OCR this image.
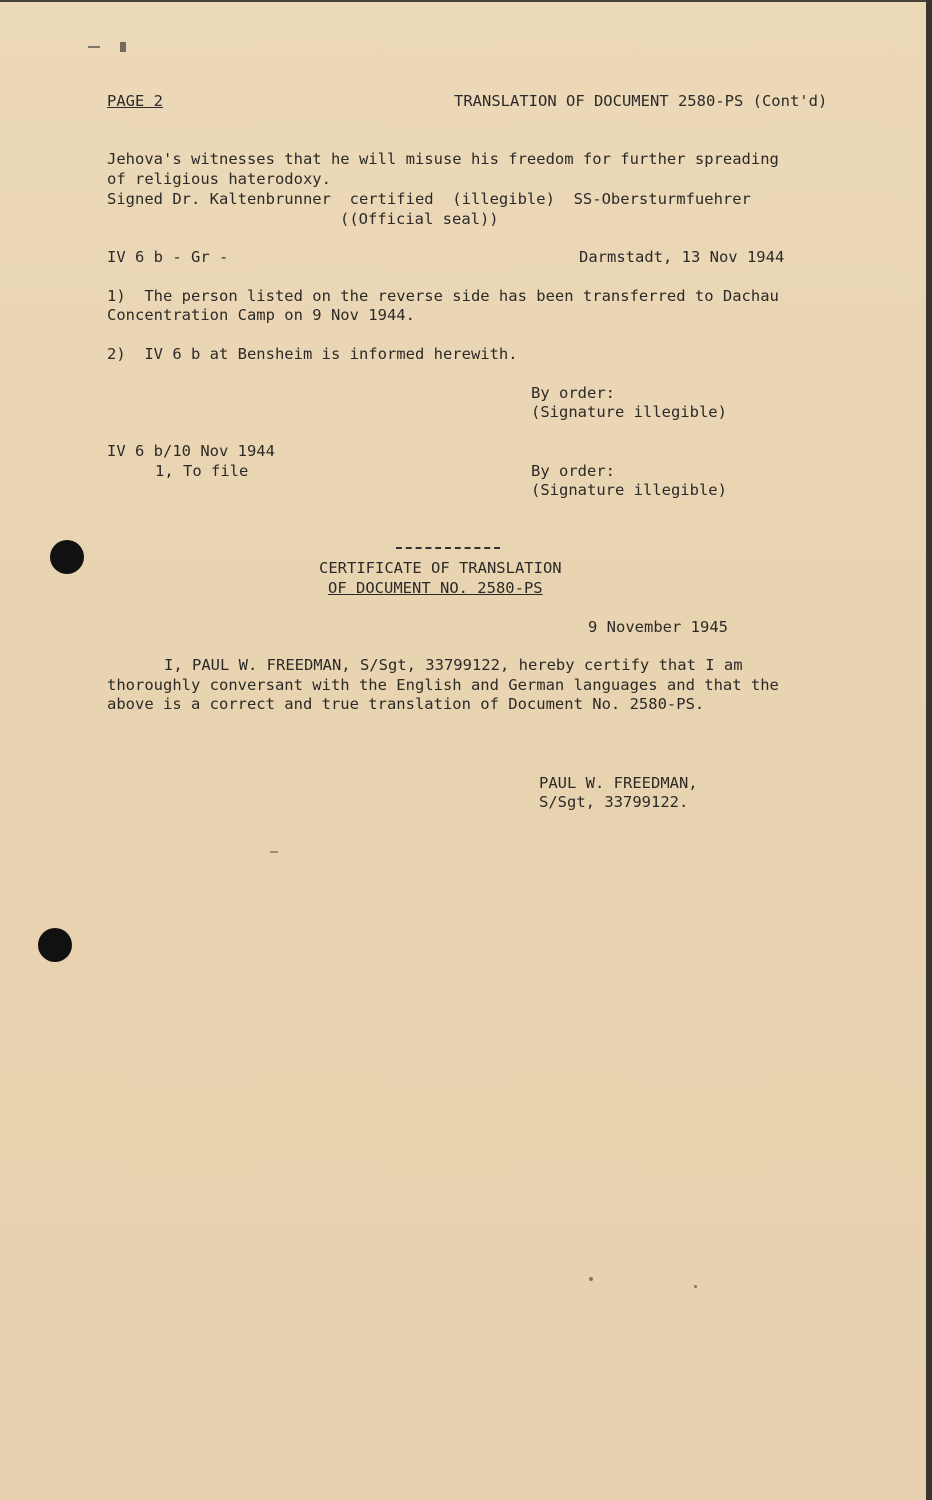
PAGE 2	TRANSLATION OF DOCUMENT 2580-PS (Cont'd)
Jehova's witnesses that he will misuse his freedom for further spreading
of religious haterodoxy.
Signed Dr. Kaltenbrunner  certified  (illegible)  SS-Obersturmfuehrer
((Official seal))
IV 6 b - Gr -	Darmstadt, 13 Nov 1944
1)  The person listed on the reverse side has been transferred to Dachau
Concentration Camp on 9 Nov 1944.
2)  IV 6 b at Bensheim is informed herewith.
By order:
(Signature illegible)
IV 6 b/10 Nov 1944
1, To file	By order:
(Signature illegible)
CERTIFICATE OF TRANSLATION
OF DOCUMENT NO. 2580-PS
9 November 1945
I, PAUL W. FREEDMAN, S/Sgt, 33799122, hereby certify that I am
thoroughly conversant with the English and German languages and that the
above is a correct and true translation of Document No. 2580-PS.
PAUL W. FREEDMAN,
S/Sgt, 33799122.
